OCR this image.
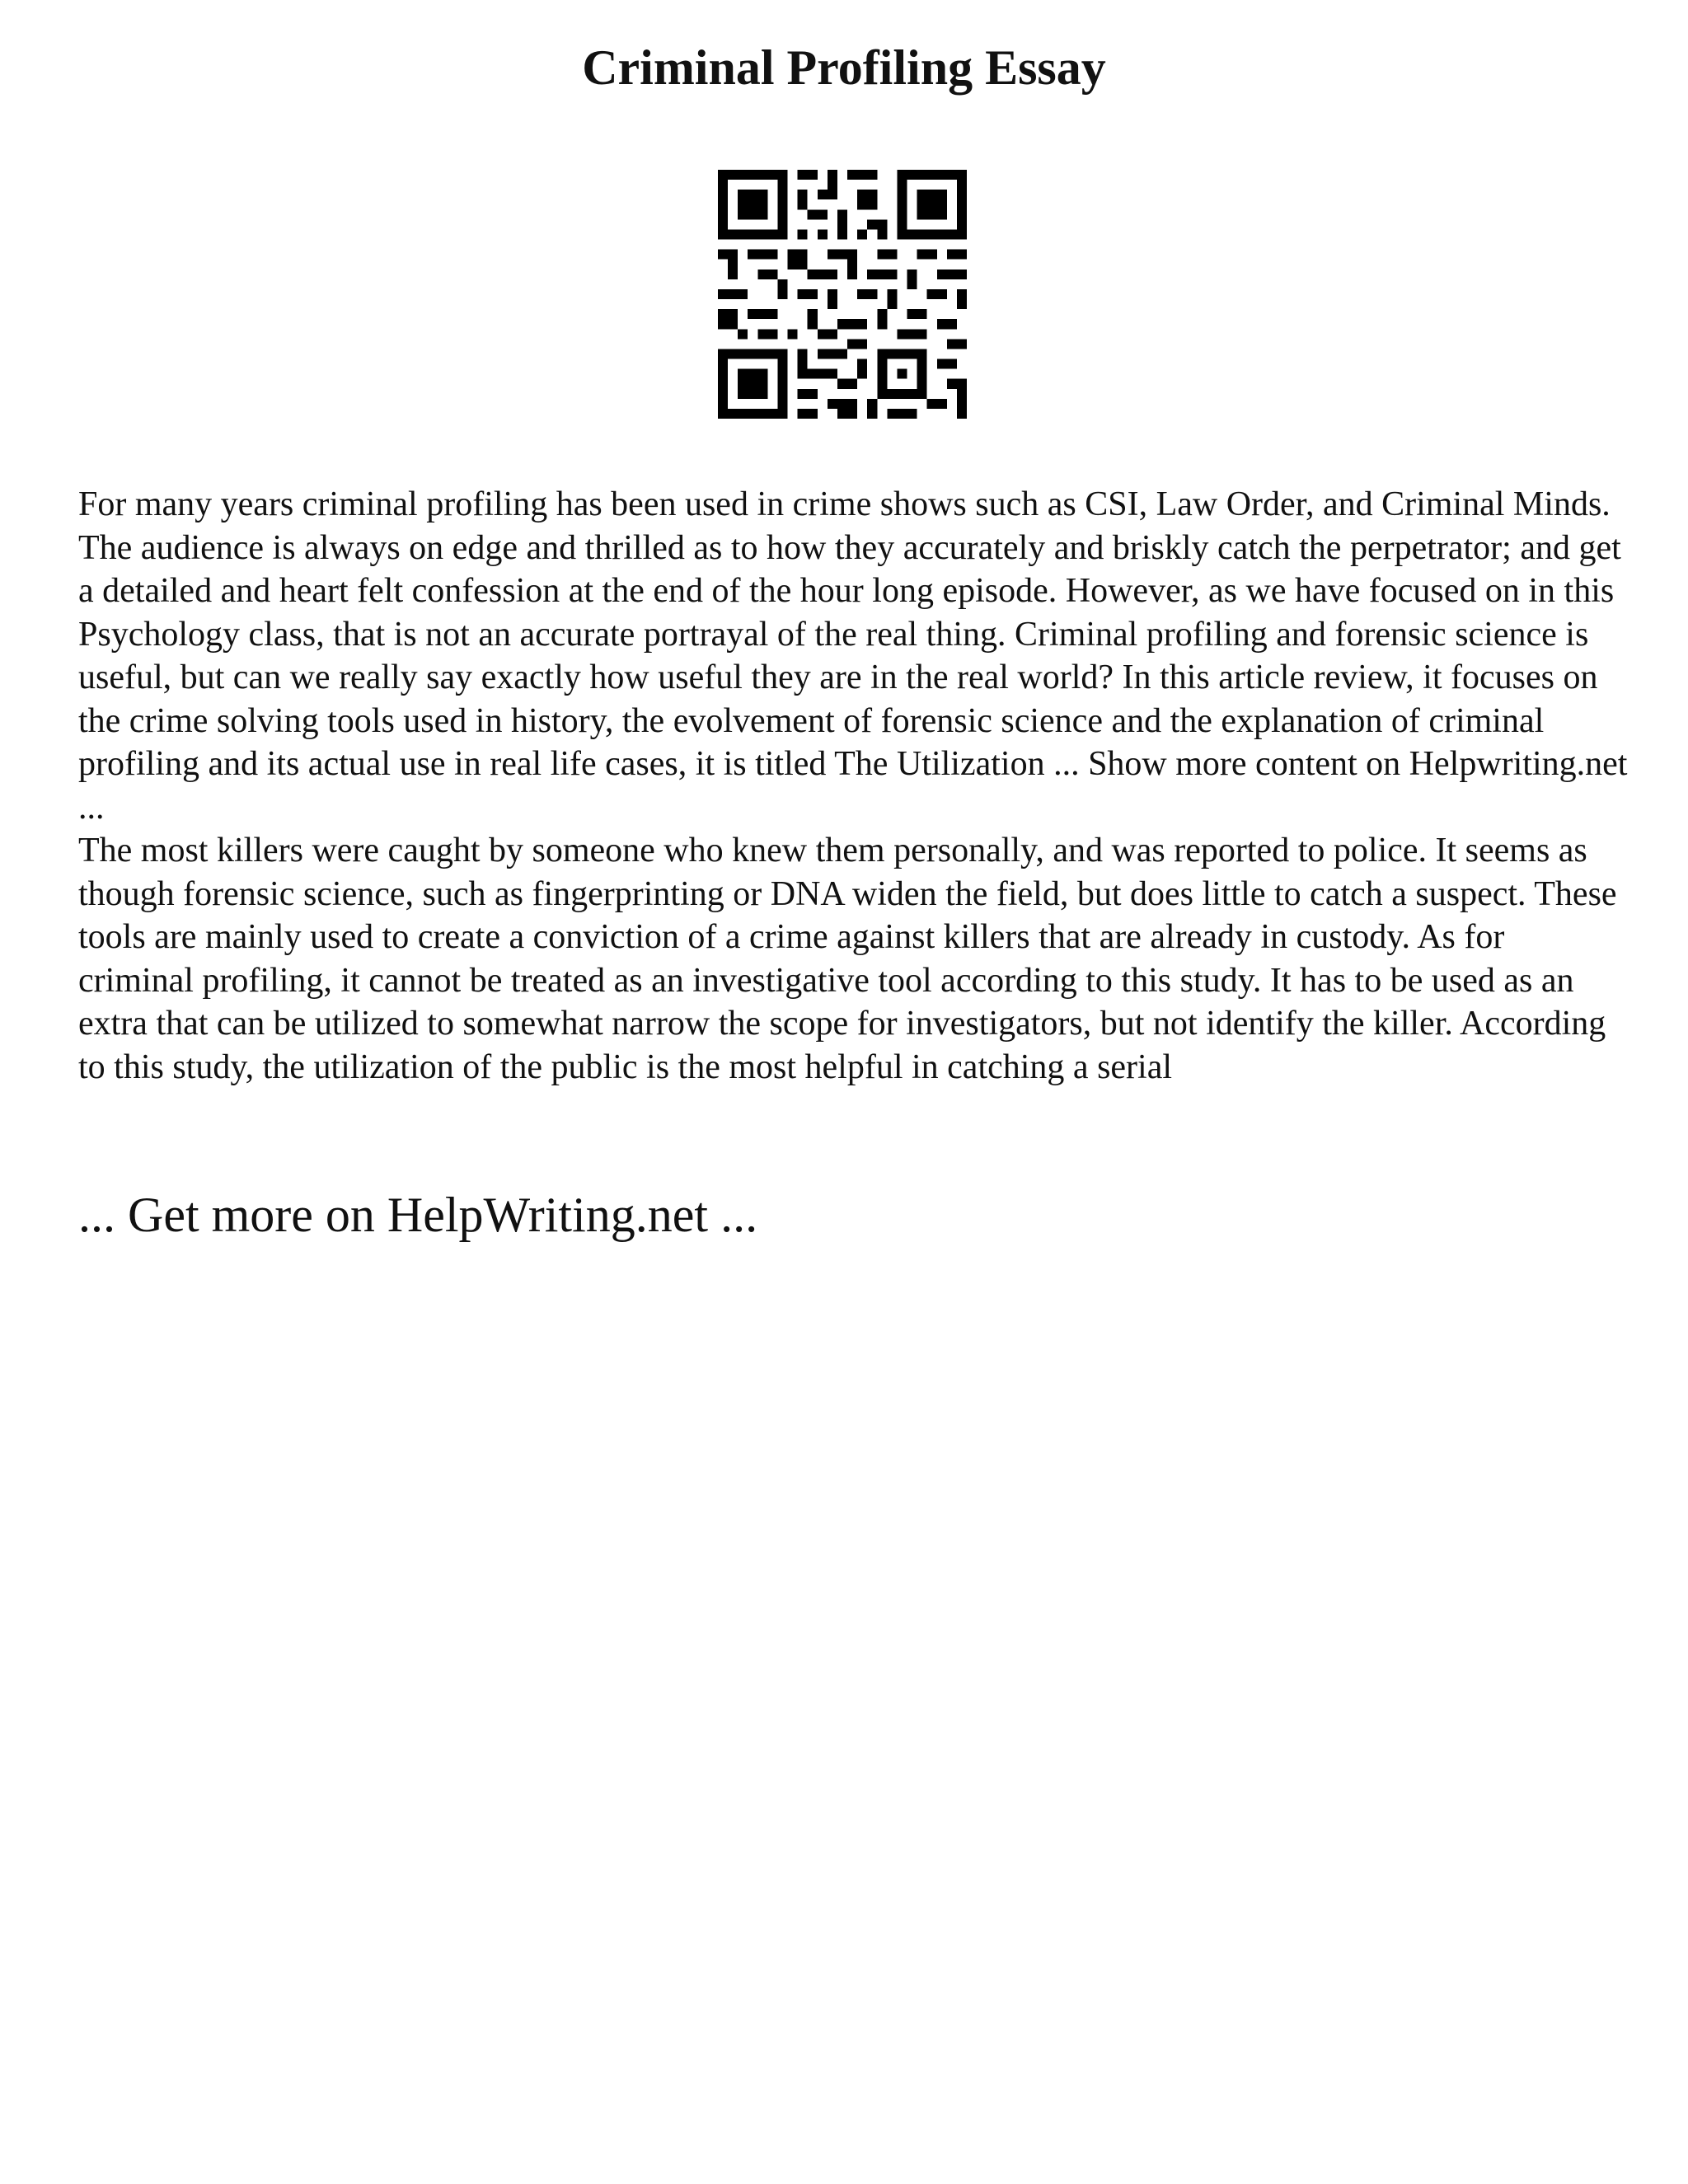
Criminal Profiling Essay

For many years criminal profiling has been used in crime shows such as CSI, Law Order, and Criminal Minds. The audience is always on edge and thrilled as to how they accurately and briskly catch the perpetrator; and get a detailed and heart felt confession at the end of the hour long episode. However, as we have focused on in this Psychology class, that is not an accurate portrayal of the real thing. Criminal profiling and forensic science is useful, but can we really say exactly how useful they are in the real world? In this article review, it focuses on the crime solving tools used in history, the evolvement of forensic science and the explanation of criminal profiling and its actual use in real life cases, it is titled The Utilization ... Show more content on Helpwriting.net ...

The most killers were caught by someone who knew them personally, and was reported to police. It seems as though forensic science, such as fingerprinting or DNA widen the field, but does little to catch a suspect. These tools are mainly used to create a conviction of a crime against killers that are already in custody. As for criminal profiling, it cannot be treated as an investigative tool according to this study. It has to be used as an extra that can be utilized to somewhat narrow the scope for investigators, but not identify the killer. According to this study, the utilization of the public is the most helpful in catching a serial

... Get more on HelpWriting.net ...
